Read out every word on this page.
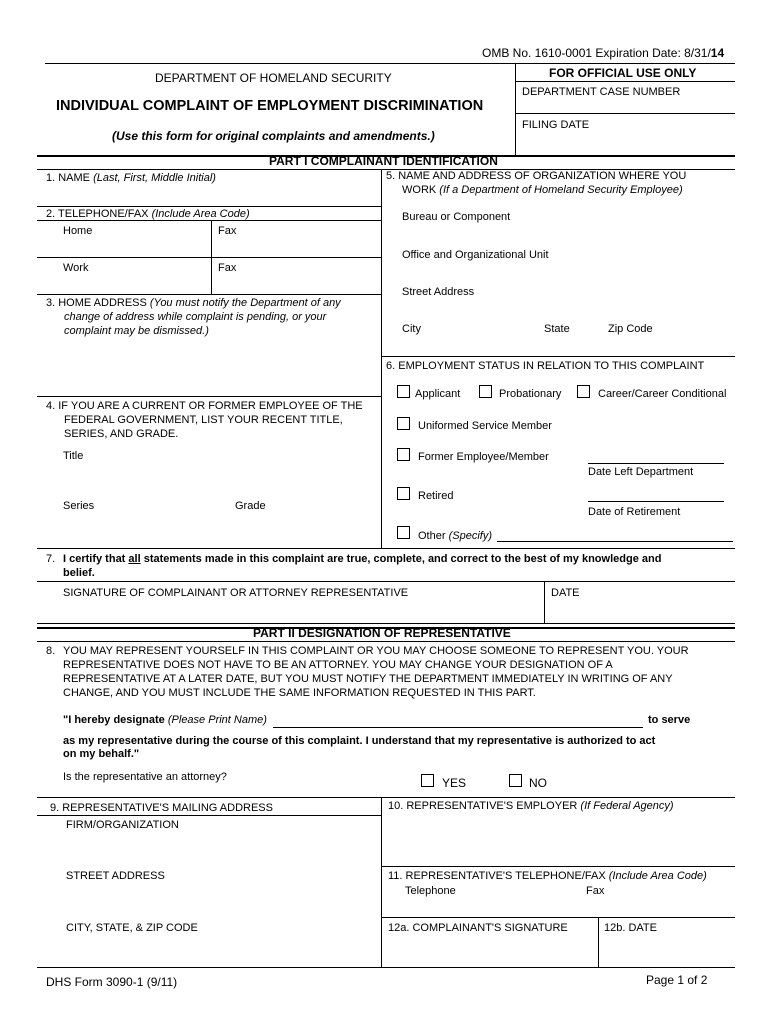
OMB No. 1610-0001 Expiration Date: 8/31/14
DEPARTMENT OF HOMELAND SECURITY
INDIVIDUAL COMPLAINT OF EMPLOYMENT DISCRIMINATION
(Use this form for original complaints and amendments.)
FOR OFFICIAL USE ONLY
DEPARTMENT CASE NUMBER
FILING DATE
PART I COMPLAINANT IDENTIFICATION
1. NAME (Last, First, Middle Initial)
2. TELEPHONE/FAX (Include Area Code)
Home	Fax
Work	Fax
3. HOME ADDRESS (You must notify the Department of any
change of address while complaint is pending, or your
complaint may be dismissed.)
4. IF YOU ARE A CURRENT OR FORMER EMPLOYEE OF THE
FEDERAL GOVERNMENT, LIST YOUR RECENT TITLE,
SERIES, AND GRADE.
Title
Series	Grade
5. NAME AND ADDRESS OF ORGANIZATION WHERE YOU
WORK (If a Department of Homeland Security Employee)
Bureau or Component
Office and Organizational Unit
Street Address
City	State	Zip Code
6. EMPLOYMENT STATUS IN RELATION TO THIS COMPLAINT
Applicant	Probationary	Career/Career Conditional
Uniformed Service Member
Former Employee/Member
Date Left Department
Retired
Date of Retirement
Other (Specify)
7. I certify that all statements made in this complaint are true, complete, and correct to the best of my knowledge and
belief.
SIGNATURE OF COMPLAINANT OR ATTORNEY REPRESENTATIVE	DATE
PART II DESIGNATION OF REPRESENTATIVE
8. YOU MAY REPRESENT YOURSELF IN THIS COMPLAINT OR YOU MAY CHOOSE SOMEONE TO REPRESENT YOU. YOUR
REPRESENTATIVE DOES NOT HAVE TO BE AN ATTORNEY. YOU MAY CHANGE YOUR DESIGNATION OF A
REPRESENTATIVE AT A LATER DATE, BUT YOU MUST NOTIFY THE DEPARTMENT IMMEDIATELY IN WRITING OF ANY
CHANGE, AND YOU MUST INCLUDE THE SAME INFORMATION REQUESTED IN THIS PART.
"I hereby designate (Please Print Name)	to serve
as my representative during the course of this complaint. I understand that my representative is authorized to act
on my behalf."
Is the representative an attorney?	YES	NO
9. REPRESENTATIVE'S MAILING ADDRESS
FIRM/ORGANIZATION
10. REPRESENTATIVE'S EMPLOYER (If Federal Agency)
STREET ADDRESS	11. REPRESENTATIVE'S TELEPHONE/FAX (Include Area Code)
Telephone	Fax
CITY, STATE, & ZIP CODE	12a. COMPLAINANT'S SIGNATURE	12b. DATE
DHS Form 3090-1 (9/11)	Page 1 of 2
